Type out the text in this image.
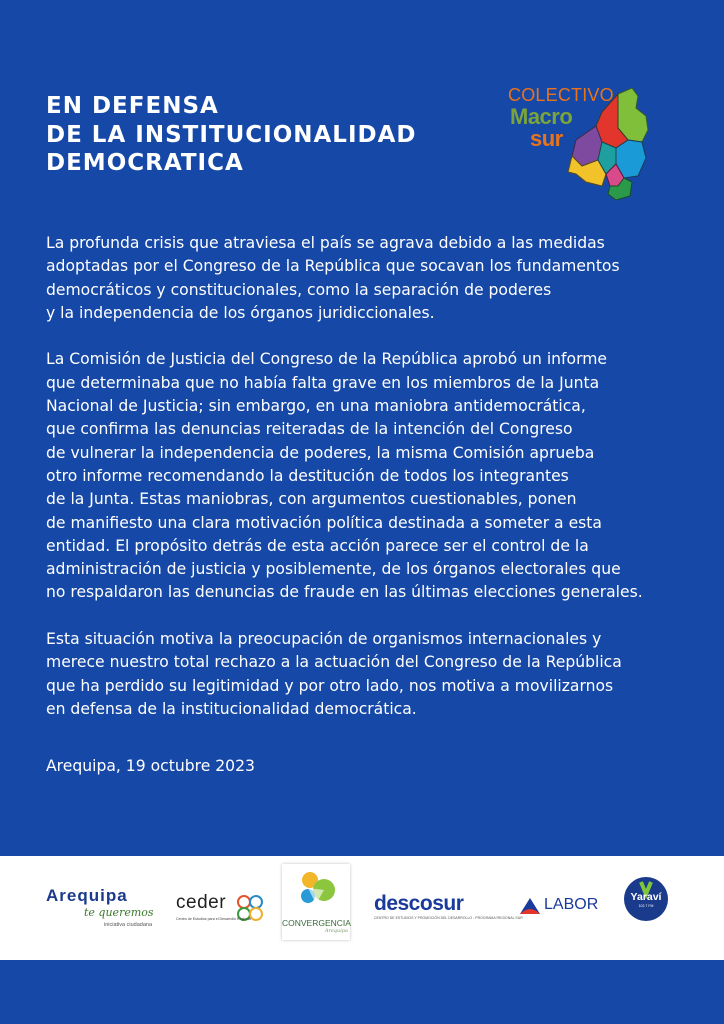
EN DEFENSA
DE LA INSTITUCIONALIDAD
DEMOCRATICA
COLECTIVO
Macro
sur

La profunda crisis que atraviesa el país se agrava debido a las medidas
adoptadas por el Congreso de la República que socavan los fundamentos
democráticos y constitucionales, como la separación de poderes
y la independencia de los órganos juridiccionales.

La Comisión de Justicia del Congreso de la República aprobó un informe
que determinaba que no había falta grave en los miembros de la Junta
Nacional de Justicia; sin embargo, en una maniobra antidemocrática,
que confirma las denuncias reiteradas de la intención del Congreso
de vulnerar la independencia de poderes, la misma Comisión aprueba
otro informe recomendando la destitución de todos los integrantes
de la Junta. Estas maniobras, con argumentos cuestionables, ponen
de manifiesto una clara motivación política destinada a someter a esta
entidad. El propósito detrás de esta acción parece ser el control de la
administración de justicia y posiblemente, de los órganos electorales que
no respaldaron las denuncias de fraude en las últimas elecciones generales.

Esta situación motiva la preocupación de organismos internacionales y
merece nuestro total rechazo a la actuación del Congreso de la República
que ha perdido su legitimidad y por otro lado, nos motiva a movilizarnos
en defensa de la institucionalidad democrática.

Arequipa, 19 octubre 2023
Arequipa
te queremos
iniciativa ciudadana
ceder
Centro de Estudios para el Desarrollo Regional	CONVERGENCIA
Arequipa
descosur
CENTRO DE ESTUDIOS Y PROMOCIÓN DEL DESARROLLO - PROGRAMA REGIONAL SUR
LABOR	Yaraví
102.7 FM
